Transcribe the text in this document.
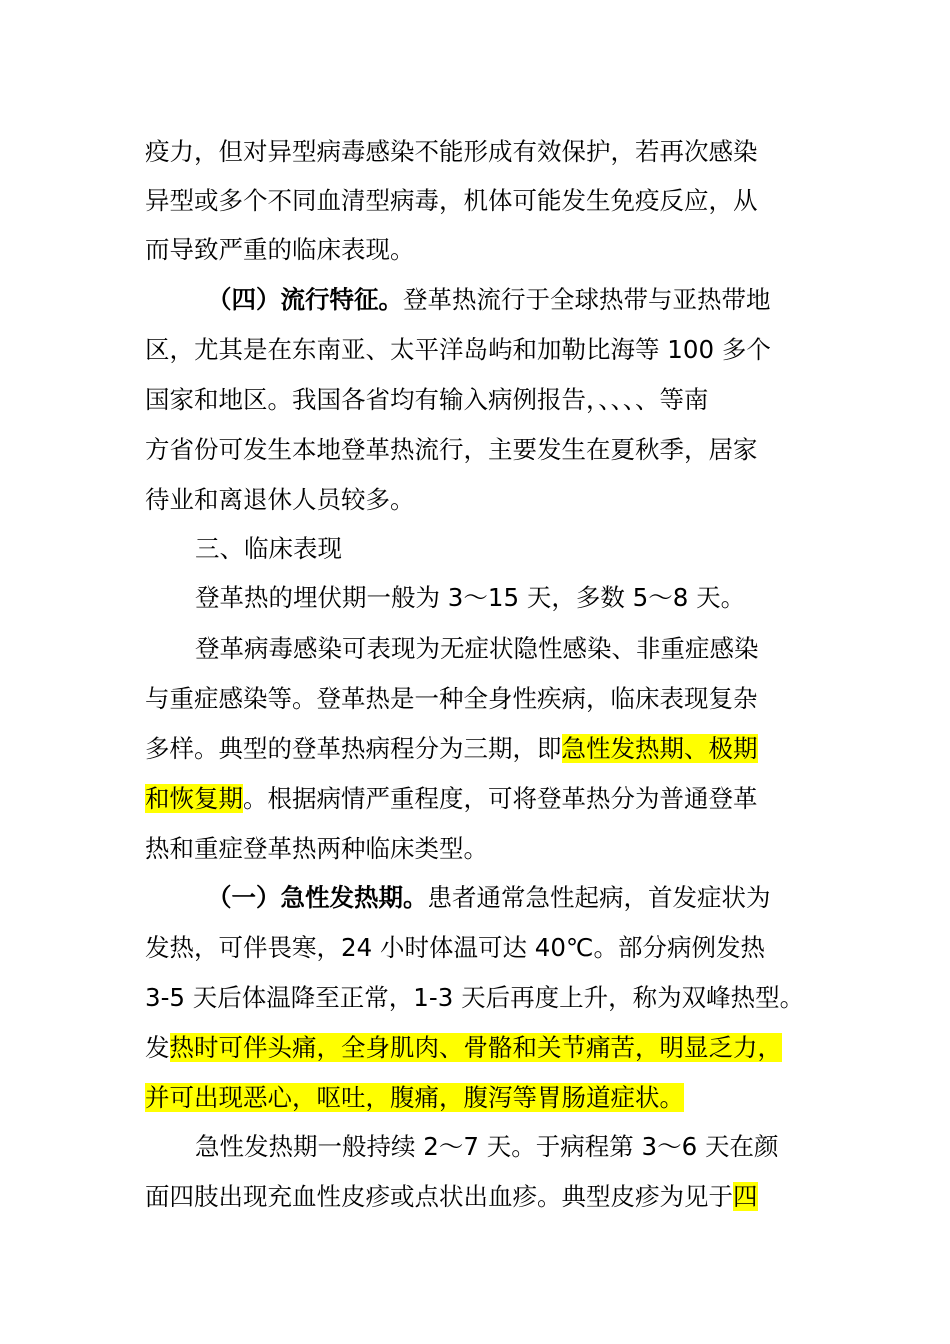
疫力，但对异型病毒感染不能形成有效保护，若再次感染
异型或多个不同血清型病毒，机体可能发生免疫反应，从
而导致严重的临床表现。
（四）流行特征。登革热流行于全球热带与亚热带地
区，尤其是在东南亚、太平洋岛屿和加勒比海等 100 多个
国家和地区。我国各省均有输入病例报告，、、、、等南
方省份可发生本地登革热流行，主要发生在夏秋季，居家
待业和离退休人员较多。
三、临床表现
登革热的埋伏期一般为 3～15 天，多数 5～8 天。
登革病毒感染可表现为无症状隐性感染、非重症感染
与重症感染等。登革热是一种全身性疾病，临床表现复杂
多样。典型的登革热病程分为三期，即急性发热期、极期
和恢复期。根据病情严重程度，可将登革热分为普通登革
热和重症登革热两种临床类型。
（一）急性发热期。患者通常急性起病，首发症状为
发热，可伴畏寒，24 小时体温可达 40℃。部分病例发热
3-5 天后体温降至正常，1-3 天后再度上升，称为双峰热型。
发热时可伴头痛，全身肌肉、骨骼和关节痛苦，明显乏力，
并可出现恶心，呕吐，腹痛，腹泻等胃肠道症状。
急性发热期一般持续 2～7 天。于病程第 3～6 天在颜
面四肢出现充血性皮疹或点状出血疹。典型皮疹为见于四
